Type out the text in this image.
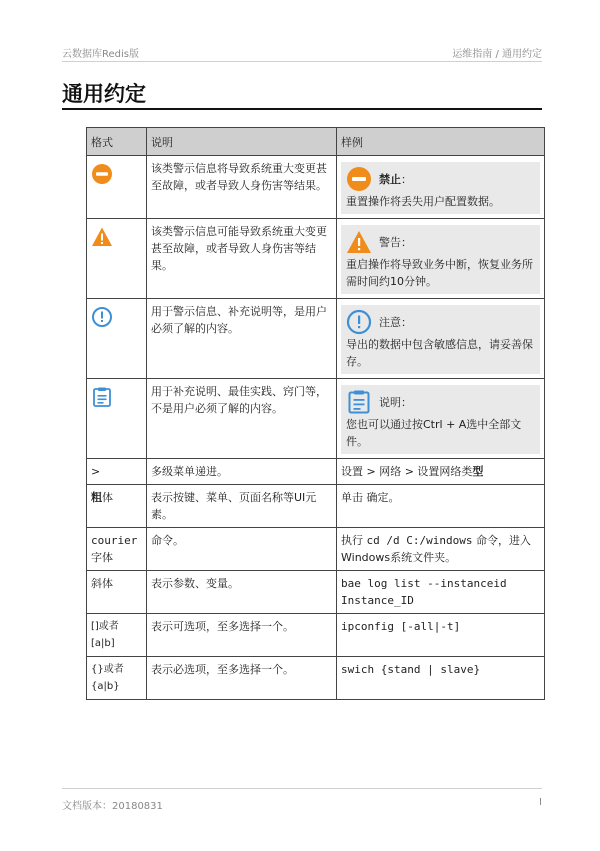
云数据库Redis版	运维指南 / 通用约定
通用约定
格式	说明	样例
	该类警示信息将导致系统重大变更甚至故障，或者导致人身伤害等结果。	禁止：
重置操作将丢失用户配置数据。

	该类警示信息可能导致系统重大变更甚至故障，或者导致人身伤害等结果。	警告：
重启操作将导致业务中断，恢复业务所需时间约10分钟。

	用于警示信息、补充说明等，是用户必须了解的内容。	注意：
导出的数据中包含敏感信息，请妥善保存。

	用于补充说明、最佳实践、窍门等，不是用户必须了解的内容。	说明：
您也可以通过按Ctrl + A选中全部文件。

>	多级菜单递进。	设置 > 网络 > 设置网络类型
粗体	表示按键、菜单、页面名称等UI元素。	单击 确定。
courier字体	命令。	执行 cd /d C:/windows 命令，进入Windows系统文件夹。
斜体	表示参数、变量。	bae log list --instanceid Instance_ID
[]或者[a|b]	表示可选项，至多选择一个。	ipconfig [-all|-t]
{}或者{a|b}	表示必选项，至多选择一个。	swich {stand | slave}
文档版本：20180831	I
